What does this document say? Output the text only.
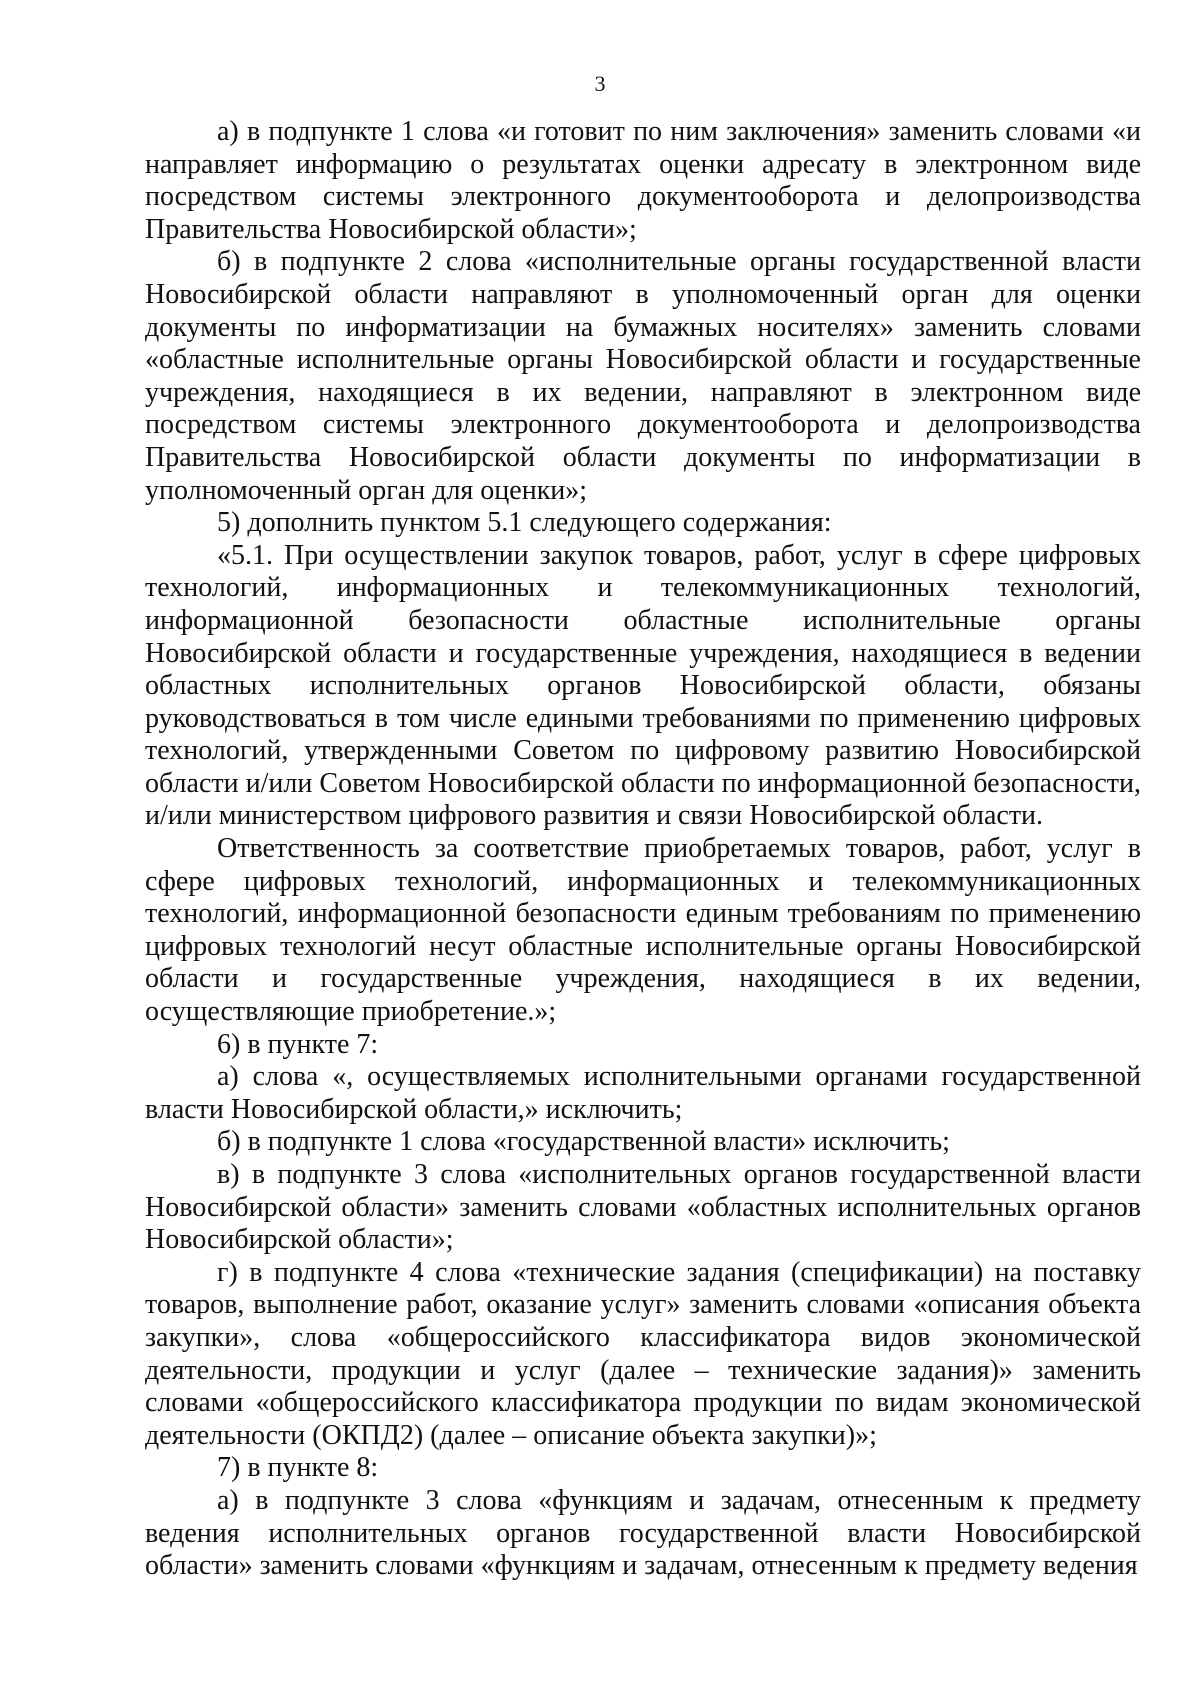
3

а) в подпункте 1 слова «и готовит по ним заключения» заменить словами «и направляет информацию о результатах оценки адресату в электронном виде посредством системы электронного документооборота и делопроизводства Правительства Новосибирской области»;

б) в подпункте 2 слова «исполнительные органы государственной власти Новосибирской области направляют в уполномоченный орган для оценки документы по информатизации на бумажных носителях» заменить словами «областные исполнительные органы Новосибирской области и государственные учреждения, находящиеся в их ведении, направляют в электронном виде посредством системы электронного документооборота и делопроизводства Правительства Новосибирской области документы по информатизации в уполномоченный орган для оценки»;

5) дополнить пунктом 5.1 следующего содержания:

«5.1. При осуществлении закупок товаров, работ, услуг в сфере цифровых технологий, информационных и телекоммуникационных технологий, информационной безопасности областные исполнительные органы Новосибирской области и государственные учреждения, находящиеся в ведении областных исполнительных органов Новосибирской области, обязаны руководствоваться в том числе едиными требованиями по применению цифровых технологий, утвержденными Советом по цифровому развитию Новосибирской области и/или Советом Новосибирской области по информационной безопасности, и/или министерством цифрового развития и связи Новосибирской области.

Ответственность за соответствие приобретаемых товаров, работ, услуг в сфере цифровых технологий, информационных и телекоммуникационных технологий, информационной безопасности единым требованиям по применению цифровых технологий несут областные исполнительные органы Новосибирской области и государственные учреждения, находящиеся в их ведении, осуществляющие приобретение.»;

6) в пункте 7:

а) слова «, осуществляемых исполнительными органами государственной власти Новосибирской области,» исключить;

б) в подпункте 1 слова «государственной власти» исключить;

в) в подпункте 3 слова «исполнительных органов государственной власти Новосибирской области» заменить словами «областных исполнительных органов Новосибирской области»;

г) в подпункте 4 слова «технические задания (спецификации) на поставку товаров, выполнение работ, оказание услуг» заменить словами «описания объекта закупки», слова «общероссийского классификатора видов экономической деятельности, продукции и услуг (далее – технические задания)» заменить словами «общероссийского классификатора продукции по видам экономической деятельности (ОКПД2) (далее – описание объекта закупки)»;

7) в пункте 8:

а) в подпункте 3 слова «функциям и задачам, отнесенным к предмету ведения исполнительных органов государственной власти Новосибирской области» заменить словами «функциям и задачам, отнесенным к предмету ведения
